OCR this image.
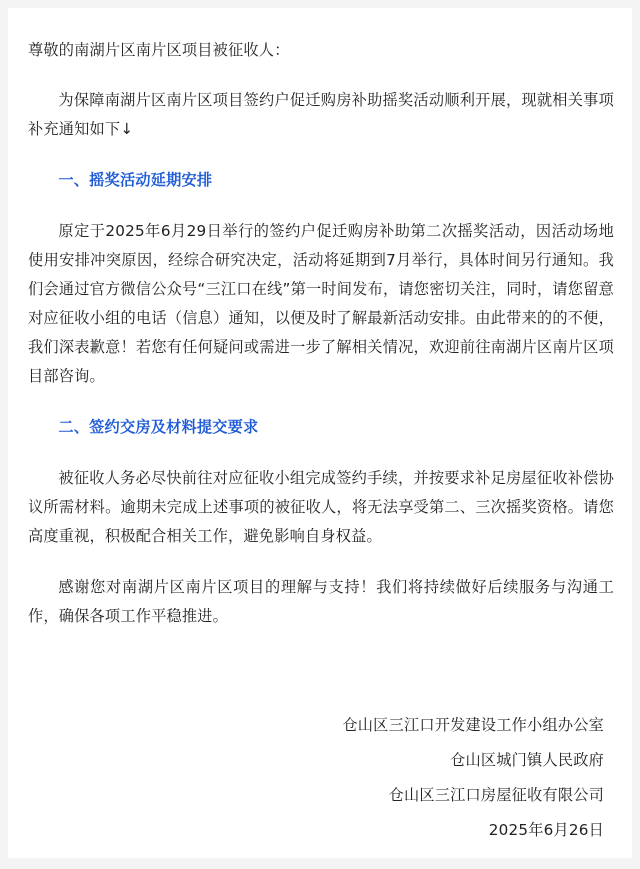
尊敬的南湖片区南片区项目被征收人：

为保障南湖片区南片区项目签约户促迁购房补助摇奖活动顺利开展，现就相关事项补充通知如下↓

一、摇奖活动延期安排

原定于2025年6月29日举行的签约户促迁购房补助第二次摇奖活动，因活动场地使用安排冲突原因，经综合研究决定，活动将延期到7月举行，具体时间另行通知。我们会通过官方微信公众号“三江口在线”第一时间发布，请您密切关注，同时，请您留意对应征收小组的电话（信息）通知，以便及时了解最新活动安排。由此带来的的不便，我们深表歉意！若您有任何疑问或需进一步了解相关情况，欢迎前往南湖片区南片区项目部咨询。

二、签约交房及材料提交要求

被征收人务必尽快前往对应征收小组完成签约手续，并按要求补足房屋征收补偿协议所需材料。逾期未完成上述事项的被征收人，将无法享受第二、三次摇奖资格。请您高度重视，积极配合相关工作，避免影响自身权益。

感谢您对南湖片区南片区项目的理解与支持！我们将持续做好后续服务与沟通工作，确保各项工作平稳推进。

仓山区三江口开发建设工作小组办公室
仓山区城门镇人民政府
仓山区三江口房屋征收有限公司
2025年6月26日
